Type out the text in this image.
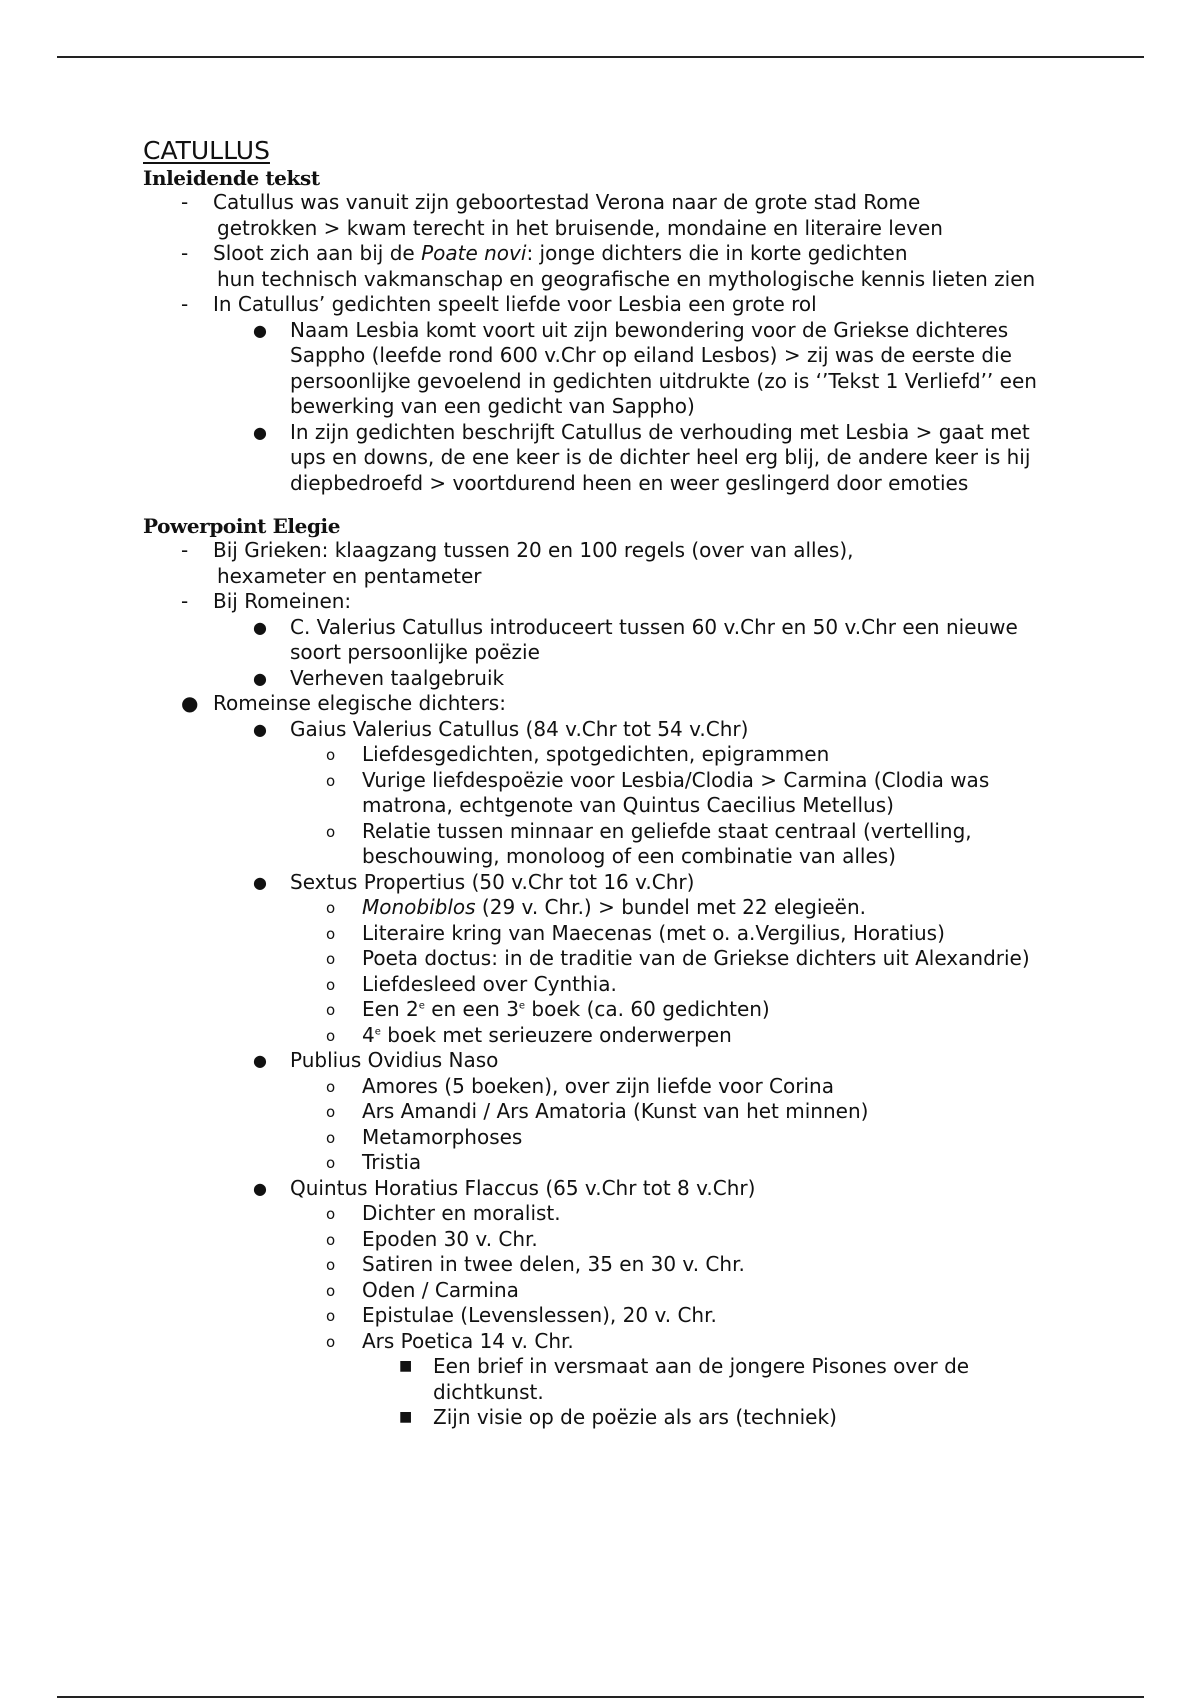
CATULLUS
Inleidende tekst
- Catullus was vanuit zijn geboortestad Verona naar de grote stad Rome
getrokken > kwam terecht in het bruisende, mondaine en literaire leven
- Sloot zich aan bij de Poate novi: jonge dichters die in korte gedichten
hun technisch vakmanschap en geografische en mythologische kennis lieten zien
- In Catullus’ gedichten speelt liefde voor Lesbia een grote rol
● Naam Lesbia komt voort uit zijn bewondering voor de Griekse dichteres Sappho (leefde rond 600 v.Chr op eiland Lesbos) > zij was de eerste die persoonlijke gevoelend in gedichten uitdrukte (zo is ‘’Tekst 1 Verliefd’’ een bewerking van een gedicht van Sappho)
● In zijn gedichten beschrijft Catullus de verhouding met Lesbia > gaat met ups en downs, de ene keer is de dichter heel erg blij, de andere keer is hij diepbedroefd > voortdurend heen en weer geslingerd door emoties
Powerpoint Elegie
- Bij Grieken: klaagzang tussen 20 en 100 regels (over van alles),
hexameter en pentameter
- Bij Romeinen:
● C. Valerius Catullus introduceert tussen 60 v.Chr en 50 v.Chr een nieuwe soort persoonlijke poëzie
● Verheven taalgebruik
● Romeinse elegische dichters:
● Gaius Valerius Catullus (84 v.Chr tot 54 v.Chr)
o Liefdesgedichten, spotgedichten, epigrammen
o Vurige liefdespoëzie voor Lesbia/Clodia > Carmina (Clodia was matrona, echtgenote van Quintus Caecilius Metellus)
o Relatie tussen minnaar en geliefde staat centraal (vertelling, beschouwing, monoloog of een combinatie van alles)
● Sextus Propertius (50 v.Chr tot 16 v.Chr)
o Monobiblos (29 v. Chr.) > bundel met 22 elegieën.
o Literaire kring van Maecenas (met o. a.Vergilius, Horatius)
o Poeta doctus: in de traditie van de Griekse dichters uit Alexandrie)
o Liefdesleed over Cynthia.
o Een 2e en een 3e boek (ca. 60 gedichten)
o 4e boek met serieuzere onderwerpen
● Publius Ovidius Naso
o Amores (5 boeken), over zijn liefde voor Corina
o Ars Amandi / Ars Amatoria (Kunst van het minnen)
o Metamorphoses
o Tristia
● Quintus Horatius Flaccus (65 v.Chr tot 8 v.Chr)
o Dichter en moralist.
o Epoden 30 v. Chr.
o Satiren in twee delen, 35 en 30 v. Chr.
o Oden / Carmina
o Epistulae (Levenslessen), 20 v. Chr.
o Ars Poetica 14 v. Chr.
■ Een brief in versmaat aan de jongere Pisones over de dichtkunst.
■ Zijn visie op de poëzie als ars (techniek)
